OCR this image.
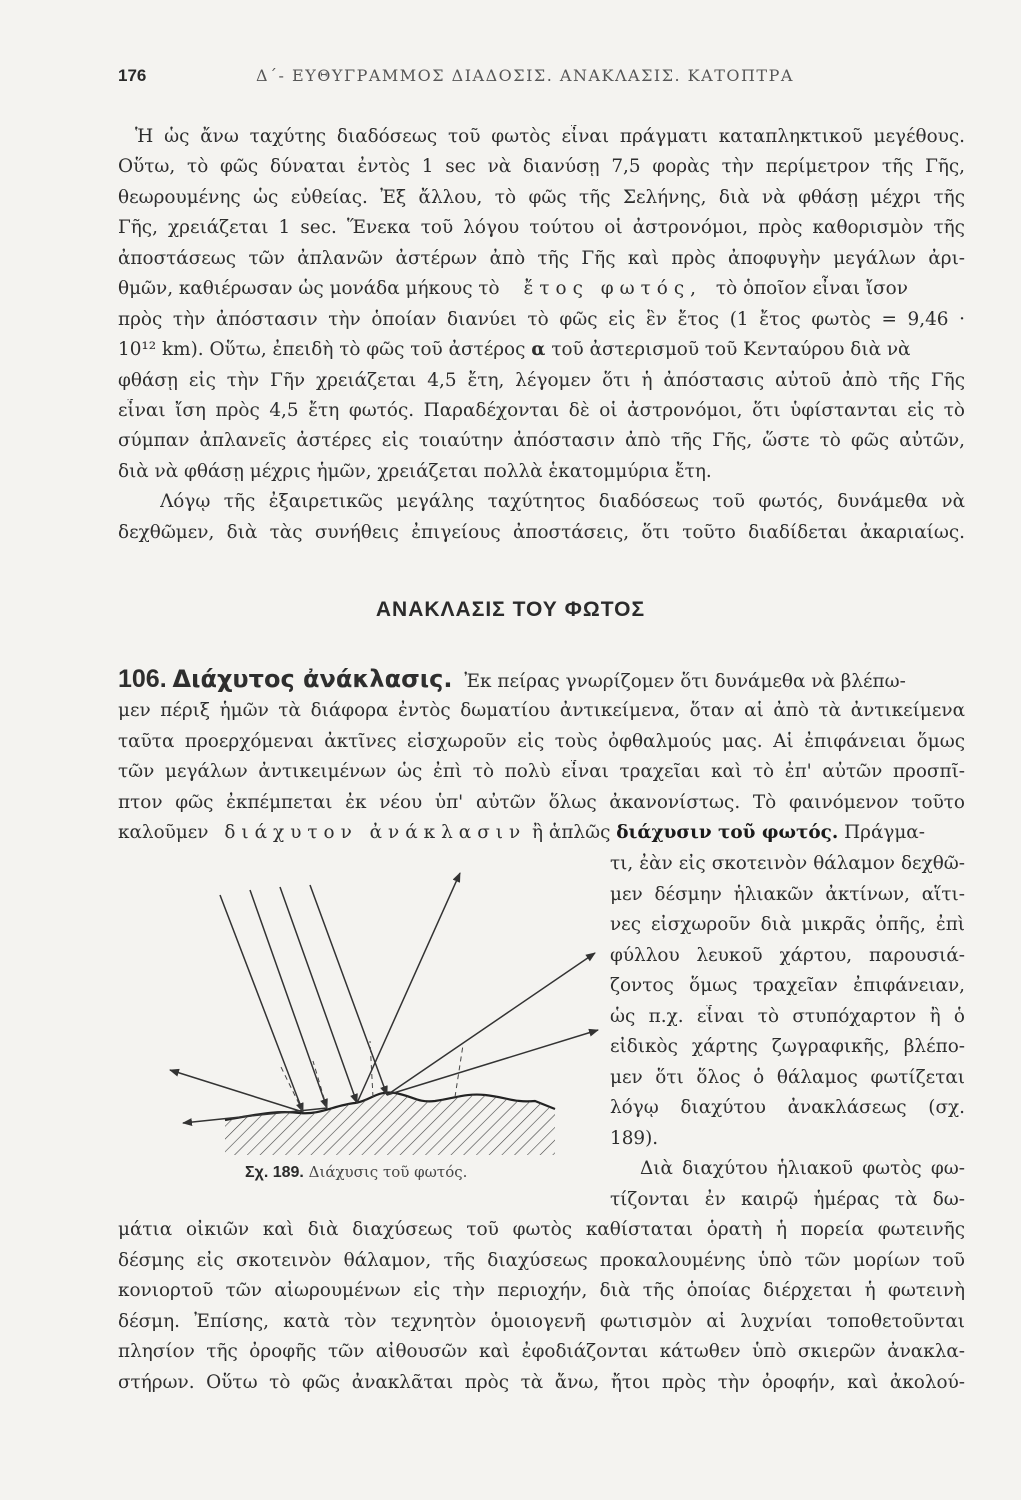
176	Δ΄- ΕΥΘΥΓΡΑΜΜΟΣ ΔΙΑΔΟΣΙΣ. ΑΝΑΚΛΑΣΙΣ. ΚΑΤΟΠΤΡΑ
Ἡ ὡς ἄνω ταχύτης διαδόσεως τοῦ φωτὸς εἶναι πράγματι καταπληκτικοῦ μεγέθους.
Οὕτω, τὸ φῶς δύναται ἐντὸς 1 sec νὰ διανύσῃ 7,5 φορὰς τὴν περίμετρον τῆς Γῆς,
θεωρουμένης ὡς εὐθείας. Ἐξ ἄλλου, τὸ φῶς τῆς Σελήνης, διὰ νὰ φθάσῃ μέχρι τῆς
Γῆς, χρειάζεται 1 sec. Ἕνεκα τοῦ λόγου τούτου οἱ ἀστρονόμοι, πρὸς καθορισμὸν τῆς
ἀποστάσεως τῶν ἀπλανῶν ἀστέρων ἀπὸ τῆς Γῆς καὶ πρὸς ἀποφυγὴν μεγάλων ἀρι-
θμῶν, καθιέρωσαν ὡς μονάδα μήκους τὸ ἔτος φωτός, τὸ ὁποῖον εἶναι ἴσον
πρὸς τὴν ἀπόστασιν τὴν ὁποίαν διανύει τὸ φῶς εἰς ἓν ἔτος (1 ἔτος φωτὸς = 9,46 ·
10¹² km). Οὕτω, ἐπειδὴ τὸ φῶς τοῦ ἀστέρος α τοῦ ἀστερισμοῦ τοῦ Κενταύρου διὰ νὰ
φθάσῃ εἰς τὴν Γῆν χρειάζεται 4,5 ἔτη, λέγομεν ὅτι ἡ ἀπόστασις αὐτοῦ ἀπὸ τῆς Γῆς
εἶναι ἴση πρὸς 4,5 ἔτη φωτός. Παραδέχονται δὲ οἱ ἀστρονόμοι, ὅτι ὑφίστανται εἰς τὸ
σύμπαν ἀπλανεῖς ἀστέρες εἰς τοιαύτην ἀπόστασιν ἀπὸ τῆς Γῆς, ὥστε τὸ φῶς αὐτῶν,
διὰ νὰ φθάσῃ μέχρις ἡμῶν, χρειάζεται πολλὰ ἑκατομμύρια ἔτη.
Λόγῳ τῆς ἐξαιρετικῶς μεγάλης ταχύτητος διαδόσεως τοῦ φωτός, δυνάμεθα νὰ
δεχθῶμεν, διὰ τὰς συνήθεις ἐπιγείους ἀποστάσεις, ὅτι τοῦτο διαδίδεται ἀκαριαίως.
ΑΝΑΚΛΑΣΙΣ ΤΟΥ ΦΩΤΟΣ
106. Διάχυτος ἀνάκλασις. Ἐκ πείρας γνωρίζομεν ὅτι δυνάμεθα νὰ βλέπω-
μεν πέριξ ἡμῶν τὰ διάφορα ἐντὸς δωματίου ἀντικείμενα, ὅταν αἱ ἀπὸ τὰ ἀντικείμενα
ταῦτα προερχόμεναι ἀκτῖνες εἰσχωροῦν εἰς τοὺς ὀφθαλμούς μας. Αἱ ἐπιφάνειαι ὅμως
τῶν μεγάλων ἀντικειμένων ὡς ἐπὶ τὸ πολὺ εἶναι τραχεῖαι καὶ τὸ ἐπ' αὐτῶν προσπῖ-
πτον φῶς ἐκπέμπεται ἐκ νέου ὑπ' αὐτῶν ὅλως ἀκανονίστως. Τὸ φαινόμενον τοῦτο
καλοῦμεν διάχυτον ἀνάκλασιν ἢ ἁπλῶς διάχυσιν τοῦ φωτός. Πράγμα-
τι, ἐὰν εἰς σκοτεινὸν θάλαμον δεχθῶ-
μεν δέσμην ἡλιακῶν ἀκτίνων, αἵτι-
νες εἰσχωροῦν διὰ μικρᾶς ὀπῆς, ἐπὶ
φύλλου λευκοῦ χάρτου, παρουσιά-
ζοντος ὅμως τραχεῖαν ἐπιφάνειαν,
ὡς π.χ. εἶναι τὸ στυπόχαρτον ἢ ὁ
εἰδικὸς χάρτης ζωγραφικῆς, βλέπο-
μεν ὅτι ὅλος ὁ θάλαμος φωτίζεται
λόγῳ διαχύτου ἀνακλάσεως (σχ.
189).
Διὰ διαχύτου ἡλιακοῦ φωτὸς φω-
τίζονται ἐν καιρῷ ἡμέρας τὰ δω-
μάτια οἰκιῶν καὶ διὰ διαχύσεως τοῦ φωτὸς καθίσταται ὁρατὴ ἡ πορεία φωτεινῆς
δέσμης εἰς σκοτεινὸν θάλαμον, τῆς διαχύσεως προκαλουμένης ὑπὸ τῶν μορίων τοῦ
κονιορτοῦ τῶν αἰωρουμένων εἰς τὴν περιοχήν, διὰ τῆς ὁποίας διέρχεται ἡ φωτεινὴ
δέσμη. Ἐπίσης, κατὰ τὸν τεχνητὸν ὁμοιογενῆ φωτισμὸν αἱ λυχνίαι τοποθετοῦνται
πλησίον τῆς ὀροφῆς τῶν αἰθουσῶν καὶ ἐφοδιάζονται κάτωθεν ὑπὸ σκιερῶν ἀνακλα-
στήρων. Οὕτω τὸ φῶς ἀνακλᾶται πρὸς τὰ ἄνω, ἤτοι πρὸς τὴν ὀροφήν, καὶ ἀκολού-
Σχ. 189. Διάχυσις τοῦ φωτός.
